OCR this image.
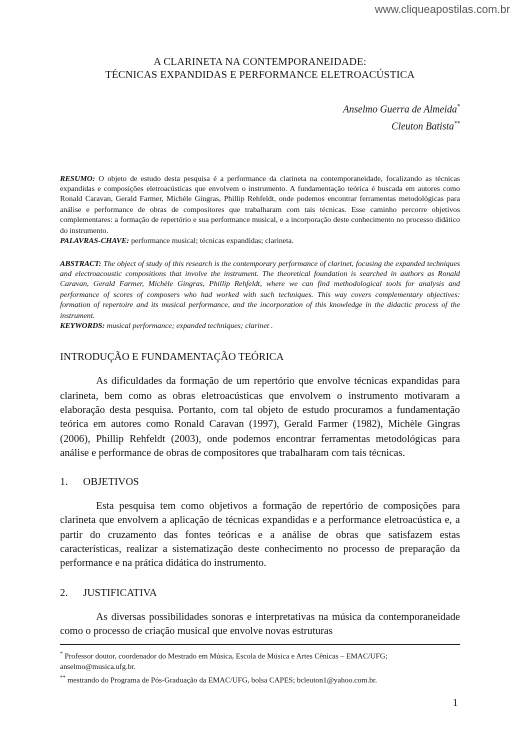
www.cliqueapostilas.com.br

A CLARINETA NA CONTEMPORANEIDADE:
TÉCNICAS EXPANDIDAS E PERFORMANCE ELETROACÚSTICA

Anselmo Guerra de Almeida*
Cleuton Batista**

RESUMO: O objeto de estudo desta pesquisa é a performance da clarineta na contemporaneidade, focalizando as técnicas expandidas e composições eletroacústicas que envolvem o instrumento. A fundamentação teórica é buscada em autores como Ronald Caravan, Gerald Farmer, Michèle Gingras, Phillip Rehfeldt, onde podemos encontrar ferramentas metodológicas para análise e performance de obras de compositores que trabalharam com tais técnicas. Esse caminho percorre objetivos complementares: a formação de repertório e sua performance musical, e a incorporação deste conhecimento no processo didático do instrumento.
PALAVRAS-CHAVE: performance musical; técnicas expandidas; clarineta.

ABSTRACT: The object of study of this research is the contemporary performance of clarinet, focusing the expanded techniques and electroacoustic compositions that involve the instrument. The theoretical foundation is searched in authors as Ronald Caravan, Gerald Farmer, Michèle Gingras, Phillip Rehfeldt, where we can find methodological tools for analysis and performance of scores of composers who had worked with such techniques. This way covers complementary objectives: formation of repertoire and its musical performance, and the incorporation of this knowledge in the didactic process of the instrument.
KEYWORDS: musical performance; expanded techniques; clarinet .

INTRODUÇÃO E FUNDAMENTAÇÃO TEÓRICA

As dificuldades da formação de um repertório que envolve técnicas expandidas para clarineta, bem como as obras eletroacústicas que envolvem o instrumento motivaram a elaboração desta pesquisa. Portanto, com tal objeto de estudo procuramos a fundamentação teórica em autores como Ronald Caravan (1997), Gerald Farmer (1982), Michèle Gingras (2006), Phillip Rehfeldt (2003), onde podemos encontrar ferramentas metodológicas para análise e performance de obras de compositores que trabalharam com tais técnicas.

1. OBJETIVOS

Esta pesquisa tem como objetivos a formação de repertório de composições para clarineta que envolvem a aplicação de técnicas expandidas e a performance eletroacústica e, a partir do cruzamento das fontes teóricas e a análise de obras que satisfazem estas características, realizar a sistematização deste conhecimento no processo de preparação da performance e na prática didática do instrumento.

2. JUSTIFICATIVA

As diversas possibilidades sonoras e interpretativas na música da contemporaneidade como o processo de criação musical que envolve novas estruturas

* Professor doutor, coordenador do Mestrado em Música, Escola de Música e Artes Cênicas – EMAC/UFG; anselmo@musica.ufg.br.
** mestrando do Programa de Pós-Graduação da EMAC/UFG, bolsa CAPES; bcleuton1@yahoo.com.br.
1
